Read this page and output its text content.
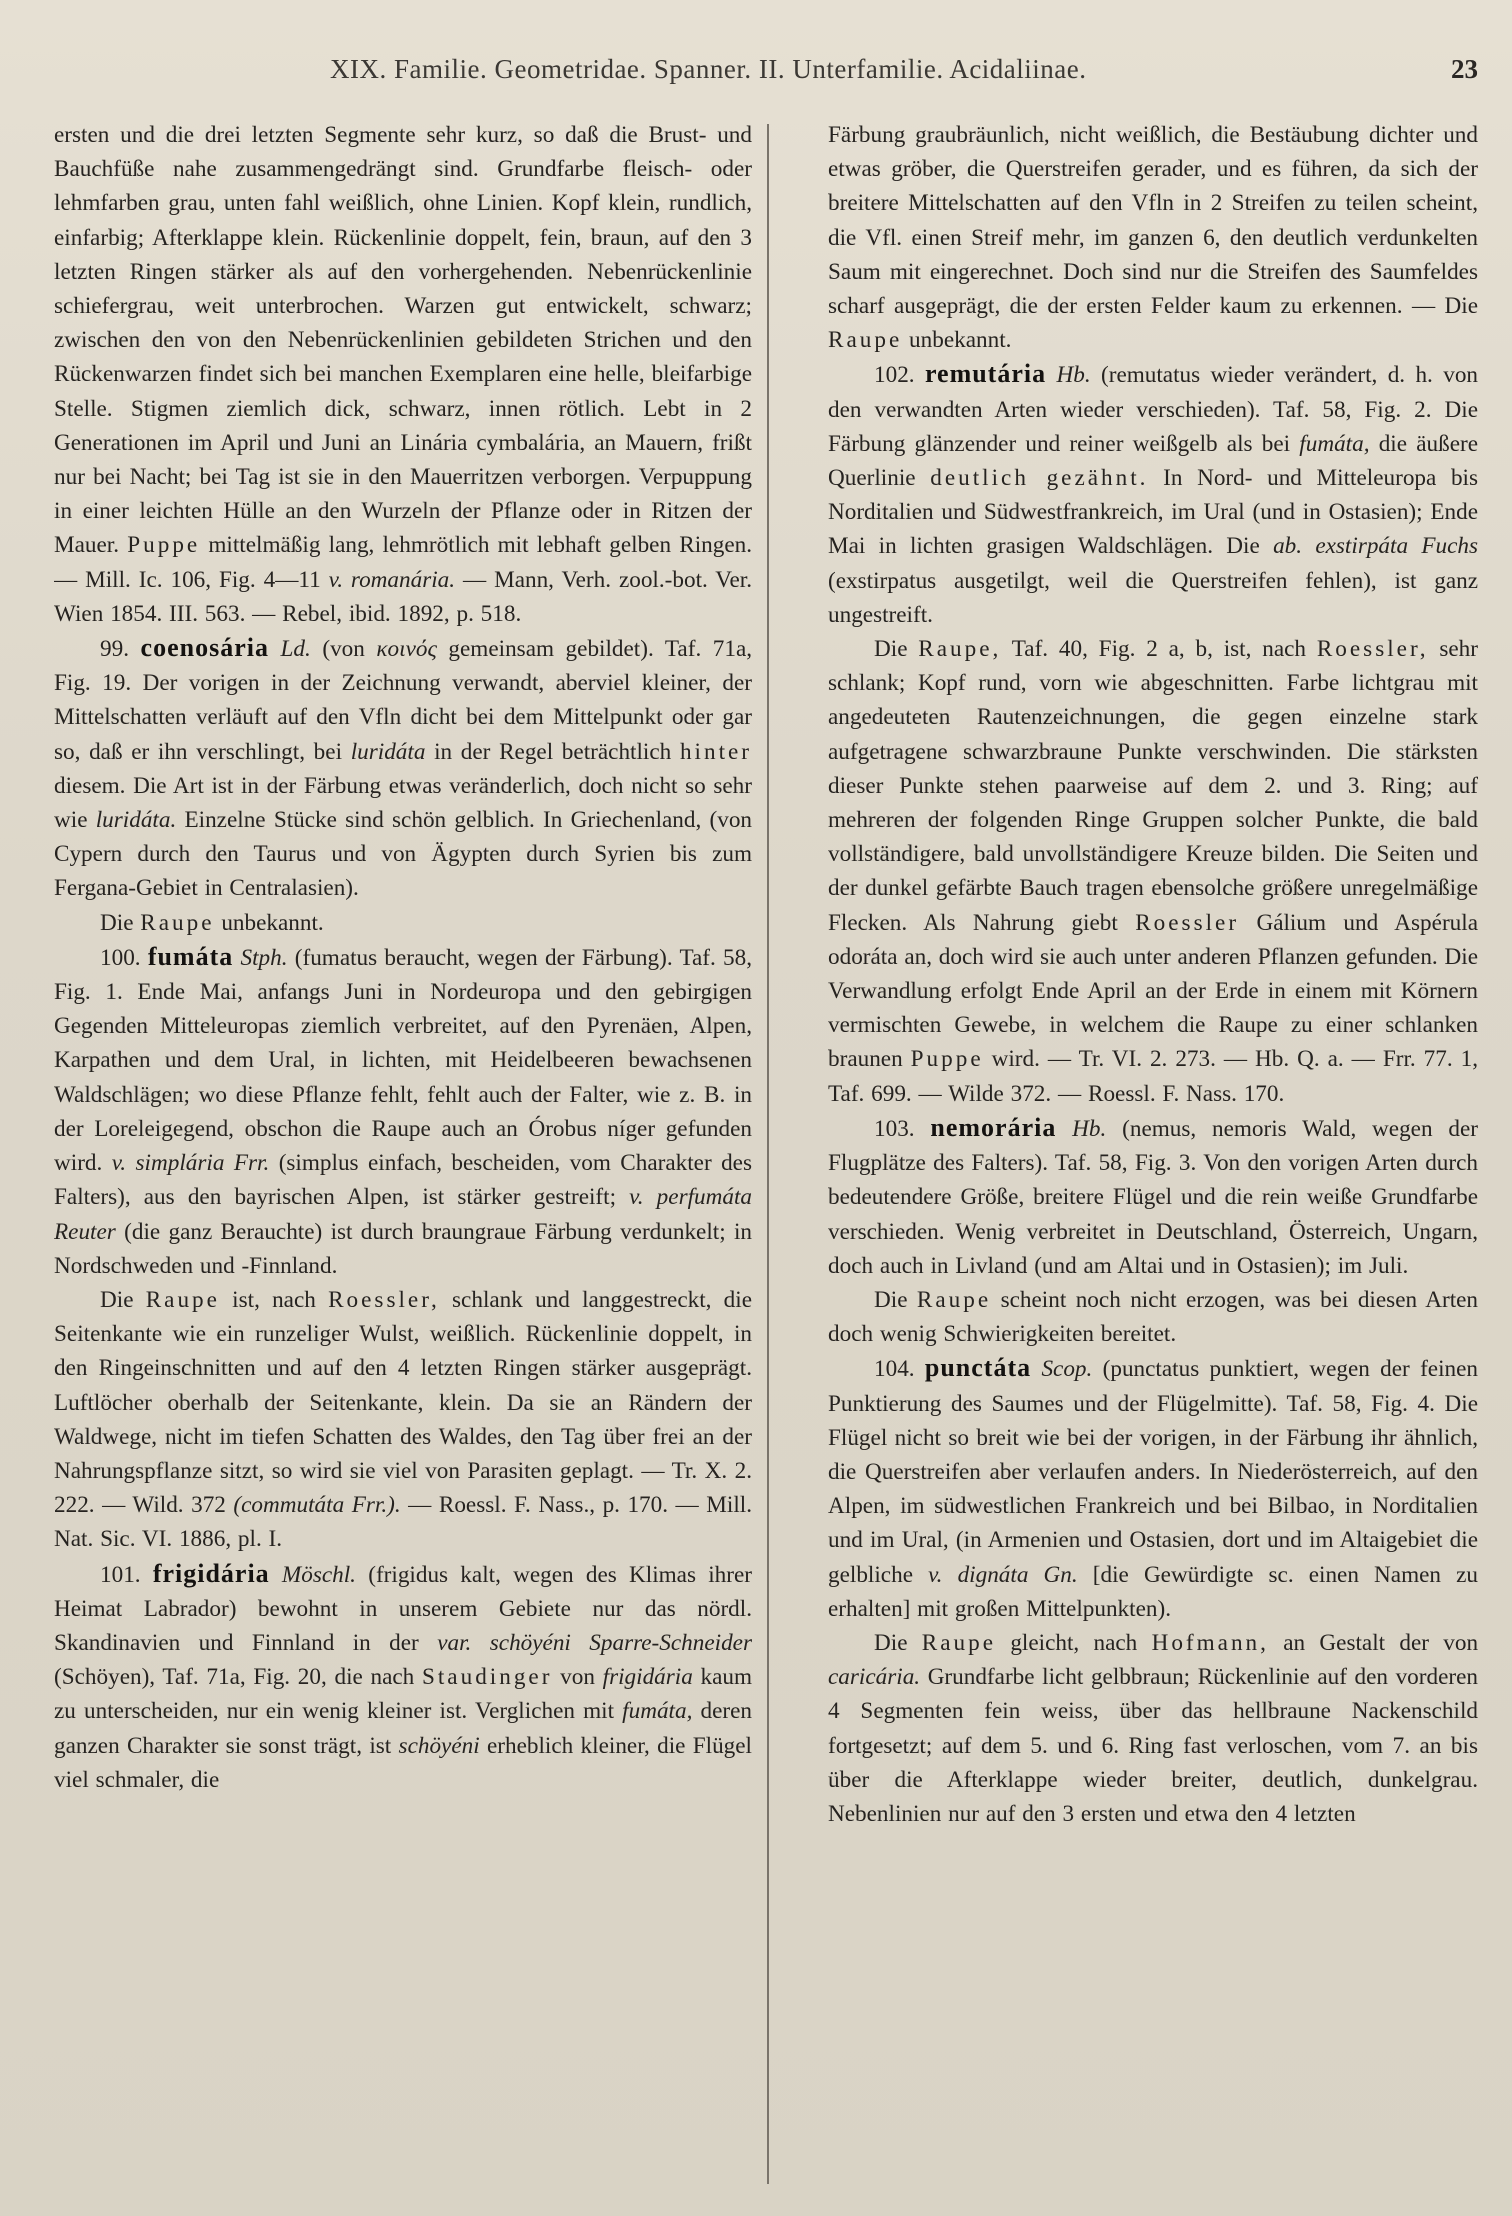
XIX. Familie. Geometridae. Spanner. II. Unterfamilie. Acidaliinae.	23

ersten und die drei letzten Segmente sehr kurz, so daß die Brust- und Bauchfüße nahe zusammengedrängt sind. Grundfarbe fleisch- oder lehmfarben grau, unten fahl weißlich, ohne Linien. Kopf klein, rundlich, einfarbig; Afterklappe klein. Rückenlinie doppelt, fein, braun, auf den 3 letzten Ringen stärker als auf den vorhergehenden. Nebenrückenlinie schiefergrau, weit unterbrochen. Warzen gut entwickelt, schwarz; zwischen den von den Nebenrückenlinien gebildeten Strichen und den Rückenwarzen findet sich bei manchen Exemplaren eine helle, bleifarbige Stelle. Stigmen ziemlich dick, schwarz, innen rötlich. Lebt in 2 Generationen im April und Juni an Linária cymbalária, an Mauern, frißt nur bei Nacht; bei Tag ist sie in den Mauerritzen verborgen. Verpuppung in einer leichten Hülle an den Wurzeln der Pflanze oder in Ritzen der Mauer. Puppe mittelmäßig lang, lehmrötlich mit lebhaft gelben Ringen. — Mill. Ic. 106, Fig. 4—11 v. romanária. — Mann, Verh. zool.-bot. Ver. Wien 1854. III. 563. — Rebel, ibid. 1892, p. 518.

99. coenosária Ld. (von κοινός gemeinsam gebildet). Taf. 71a, Fig. 19. Der vorigen in der Zeichnung verwandt, aberviel kleiner, der Mittelschatten verläuft auf den Vfln dicht bei dem Mittelpunkt oder gar so, daß er ihn verschlingt, bei luridáta in der Regel beträchtlich hinter diesem. Die Art ist in der Färbung etwas veränderlich, doch nicht so sehr wie luridáta. Einzelne Stücke sind schön gelblich. In Griechenland, (von Cypern durch den Taurus und von Ägypten durch Syrien bis zum Fergana-Gebiet in Centralasien).

Die Raupe unbekannt.

100. fumáta Stph. (fumatus beraucht, wegen der Färbung). Taf. 58, Fig. 1. Ende Mai, anfangs Juni in Nordeuropa und den gebirgigen Gegenden Mitteleuropas ziemlich verbreitet, auf den Pyrenäen, Alpen, Karpathen und dem Ural, in lichten, mit Heidelbeeren bewachsenen Waldschlägen; wo diese Pflanze fehlt, fehlt auch der Falter, wie z. B. in der Loreleigegend, obschon die Raupe auch an Órobus níger gefunden wird. v. simplária Frr. (simplus einfach, bescheiden, vom Charakter des Falters), aus den bayrischen Alpen, ist stärker gestreift; v. perfumáta Reuter (die ganz Berauchte) ist durch braungraue Färbung verdunkelt; in Nordschweden und -Finnland.

Die Raupe ist, nach Roessler, schlank und langgestreckt, die Seitenkante wie ein runzeliger Wulst, weißlich. Rückenlinie doppelt, in den Ringeinschnitten und auf den 4 letzten Ringen stärker ausgeprägt. Luftlöcher oberhalb der Seitenkante, klein. Da sie an Rändern der Waldwege, nicht im tiefen Schatten des Waldes, den Tag über frei an der Nahrungspflanze sitzt, so wird sie viel von Parasiten geplagt. — Tr. X. 2. 222. — Wild. 372 (commutáta Frr.). — Roessl. F. Nass., p. 170. — Mill. Nat. Sic. VI. 1886, pl. I.

101. frigidária Möschl. (frigidus kalt, wegen des Klimas ihrer Heimat Labrador) bewohnt in unserem Gebiete nur das nördl. Skandinavien und Finnland in der var. schöyéni Sparre-Schneider (Schöyen), Taf. 71a, Fig. 20, die nach Staudinger von frigidária kaum zu unterscheiden, nur ein wenig kleiner ist. Verglichen mit fumáta, deren ganzen Charakter sie sonst trägt, ist schöyéni erheblich kleiner, die Flügel viel schmaler, die

Färbung graubräunlich, nicht weißlich, die Bestäubung dichter und etwas gröber, die Querstreifen gerader, und es führen, da sich der breitere Mittelschatten auf den Vfln in 2 Streifen zu teilen scheint, die Vfl. einen Streif mehr, im ganzen 6, den deutlich verdunkelten Saum mit eingerechnet. Doch sind nur die Streifen des Saumfeldes scharf ausgeprägt, die der ersten Felder kaum zu erkennen. — Die Raupe unbekannt.

102. remutária Hb. (remutatus wieder verändert, d. h. von den verwandten Arten wieder verschieden). Taf. 58, Fig. 2. Die Färbung glänzender und reiner weißgelb als bei fumáta, die äußere Querlinie deutlich gezähnt. In Nord- und Mitteleuropa bis Norditalien und Südwestfrankreich, im Ural (und in Ostasien); Ende Mai in lichten grasigen Waldschlägen. Die ab. exstirpáta Fuchs (exstirpatus ausgetilgt, weil die Querstreifen fehlen), ist ganz ungestreift.

Die Raupe, Taf. 40, Fig. 2 a, b, ist, nach Roessler, sehr schlank; Kopf rund, vorn wie abgeschnitten. Farbe lichtgrau mit angedeuteten Rautenzeichnungen, die gegen einzelne stark aufgetragene schwarzbraune Punkte verschwinden. Die stärksten dieser Punkte stehen paarweise auf dem 2. und 3. Ring; auf mehreren der folgenden Ringe Gruppen solcher Punkte, die bald vollständigere, bald unvollständigere Kreuze bilden. Die Seiten und der dunkel gefärbte Bauch tragen ebensolche größere unregelmäßige Flecken. Als Nahrung giebt Roessler Gálium und Aspérula odoráta an, doch wird sie auch unter anderen Pflanzen gefunden. Die Verwandlung erfolgt Ende April an der Erde in einem mit Körnern vermischten Gewebe, in welchem die Raupe zu einer schlanken braunen Puppe wird. — Tr. VI. 2. 273. — Hb. Q. a. — Frr. 77. 1, Taf. 699. — Wilde 372. — Roessl. F. Nass. 170.

103. nemorária Hb. (nemus, nemoris Wald, wegen der Flugplätze des Falters). Taf. 58, Fig. 3. Von den vorigen Arten durch bedeutendere Größe, breitere Flügel und die rein weiße Grundfarbe verschieden. Wenig verbreitet in Deutschland, Österreich, Ungarn, doch auch in Livland (und am Altai und in Ostasien); im Juli.

Die Raupe scheint noch nicht erzogen, was bei diesen Arten doch wenig Schwierigkeiten bereitet.

104. punctáta Scop. (punctatus punktiert, wegen der feinen Punktierung des Saumes und der Flügelmitte). Taf. 58, Fig. 4. Die Flügel nicht so breit wie bei der vorigen, in der Färbung ihr ähnlich, die Querstreifen aber verlaufen anders. In Niederösterreich, auf den Alpen, im südwestlichen Frankreich und bei Bilbao, in Norditalien und im Ural, (in Armenien und Ostasien, dort und im Altaigebiet die gelbliche v. dignáta Gn. [die Gewürdigte sc. einen Namen zu erhalten] mit großen Mittelpunkten).

Die Raupe gleicht, nach Hofmann, an Gestalt der von caricária. Grundfarbe licht gelbbraun; Rückenlinie auf den vorderen 4 Segmenten fein weiss, über das hellbraune Nackenschild fortgesetzt; auf dem 5. und 6. Ring fast verloschen, vom 7. an bis über die Afterklappe wieder breiter, deutlich, dunkelgrau. Nebenlinien nur auf den 3 ersten und etwa den 4 letzten
